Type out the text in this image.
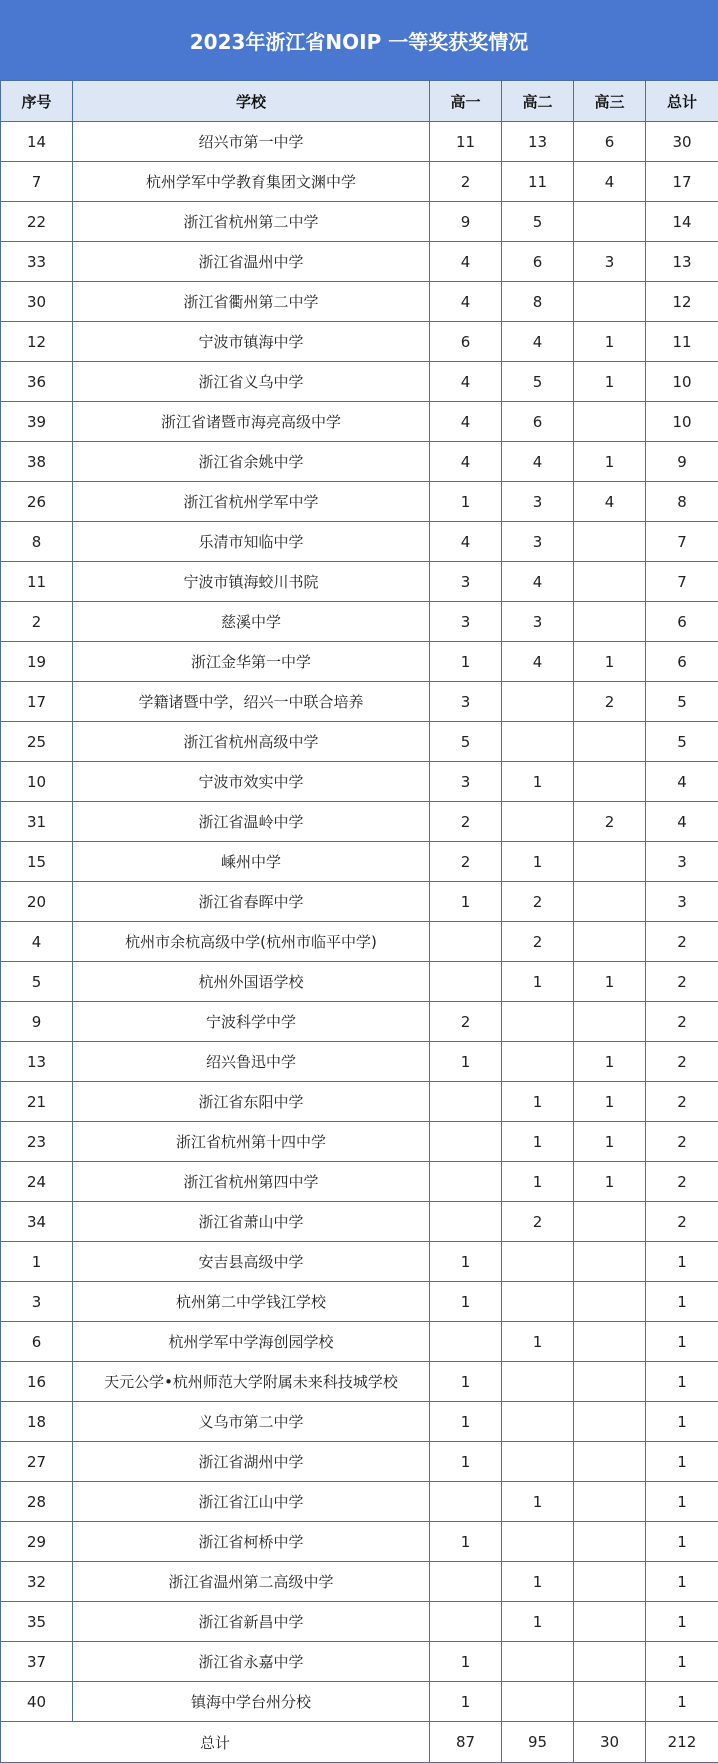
2023年浙江省NOIP 一等奖获奖情况
序号	学校	高一	高二	高三	总计
14	绍兴市第一中学	11	13	6	30
7	杭州学军中学教育集团文渊中学	2	11	4	17
22	浙江省杭州第二中学	9	5		14
33	浙江省温州中学	4	6	3	13
30	浙江省衢州第二中学	4	8		12
12	宁波市镇海中学	6	4	1	11
36	浙江省义乌中学	4	5	1	10
39	浙江省诸暨市海亮高级中学	4	6		10
38	浙江省余姚中学	4	4	1	9
26	浙江省杭州学军中学	1	3	4	8
8	乐清市知临中学	4	3		7
11	宁波市镇海蛟川书院	3	4		7
2	慈溪中学	3	3		6
19	浙江金华第一中学	1	4	1	6
17	学籍诸暨中学，绍兴一中联合培养	3		2	5
25	浙江省杭州高级中学	5			5
10	宁波市效实中学	3	1		4
31	浙江省温岭中学	2		2	4
15	嵊州中学	2	1		3
20	浙江省春晖中学	1	2		3
4	杭州市余杭高级中学(杭州市临平中学)		2		2
5	杭州外国语学校		1	1	2
9	宁波科学中学	2			2
13	绍兴鲁迅中学	1		1	2
21	浙江省东阳中学		1	1	2
23	浙江省杭州第十四中学		1	1	2
24	浙江省杭州第四中学		1	1	2
34	浙江省萧山中学		2		2
1	安吉县高级中学	1			1
3	杭州第二中学钱江学校	1			1
6	杭州学军中学海创园学校		1		1
16	天元公学•杭州师范大学附属未来科技城学校	1			1
18	义乌市第二中学	1			1
27	浙江省湖州中学	1			1
28	浙江省江山中学		1		1
29	浙江省柯桥中学	1			1
32	浙江省温州第二高级中学		1		1
35	浙江省新昌中学		1		1
37	浙江省永嘉中学	1			1
40	镇海中学台州分校	1			1
总计		87	95	30	212
